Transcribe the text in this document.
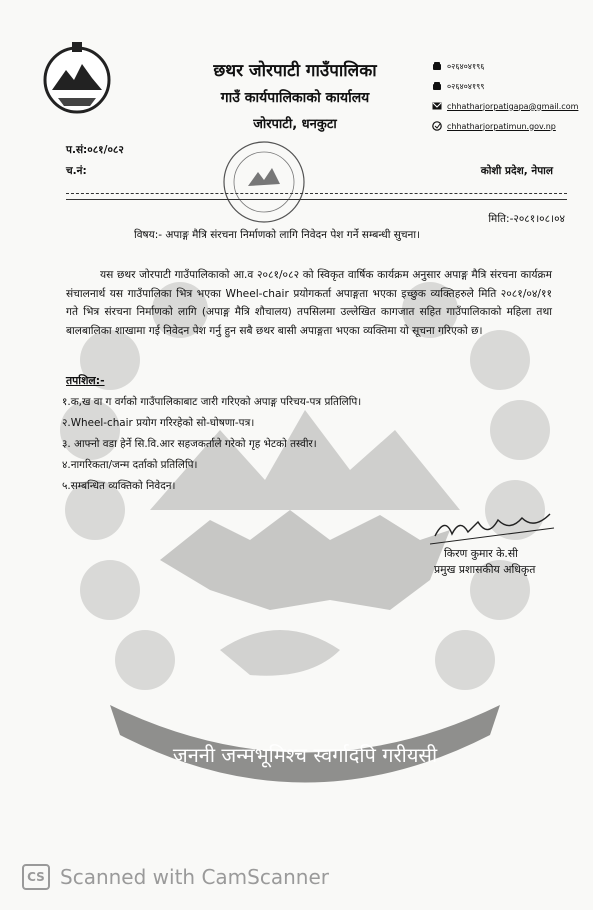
छथर जोरपाटी गाउँपालिका
गाउँ कार्यपालिकाको कार्यालय
जोरपाटी, धनकुटा
०२६४०४१९६
०२६४०४१९९
chhatharjorpatigapa@gmail.com
chhatharjorpatimun.gov.np
प.सं:०८१/०८२
च.नं:	कोशी प्रदेश, नेपाल
मिति:-२०८१।०८।०४
विषय:- अपाङ्ग मैत्रि संरचना निर्माणको लागि निवेदन पेश गर्ने सम्बन्धी सुचना।

यस छथर जोरपाटी गाउँपालिकाको आ.व २०८१/०८२ को स्विकृत वार्षिक कार्यक्रम अनुसार अपाङ्ग मैत्रि संरचना कार्यक्रम संचालनार्थ यस गाउँपालिका भित्र भएका Wheel-chair प्रयोगकर्ता अपाङ्गता भएका इच्छुक व्यक्तिहरुले मिति २०८१/०४/११ गते भित्र संरचना निर्माणको लागि (अपाङ्ग मैत्रि शौचालय) तपसिलमा उल्लेखित कागजात सहित गाउँपालिकाको महिला तथा बालबालिका शाखामा गई निवेदन पेश गर्नु हुन सबै छथर बासी अपाङ्गता भएका व्यक्तिमा यो सूचना गरिएको छ।

तपशिल:-
१.क,ख वा ग वर्गको गाउँपालिकाबाट जारी गरिएको अपाङ्ग परिचय-पत्र प्रतिलिपि।
२.Wheel-chair प्रयोग गरिरहेको सो-घोषणा-पत्र।
३. आफ्नो वडा हेर्ने सि.वि.आर सहजकर्ताले गरेको गृह भेटको तस्वीर।
४.नागरिकता/जन्म दर्ताको प्रतिलिपि।
५.सम्बन्धित व्यक्तिको निवेदन।
किरण कुमार के.सी
प्रमुख प्रशासकीय अधिकृत
जननी जन्मभूमिश्च स्वर्गादपि गरीयसी
CS Scanned with CamScanner
